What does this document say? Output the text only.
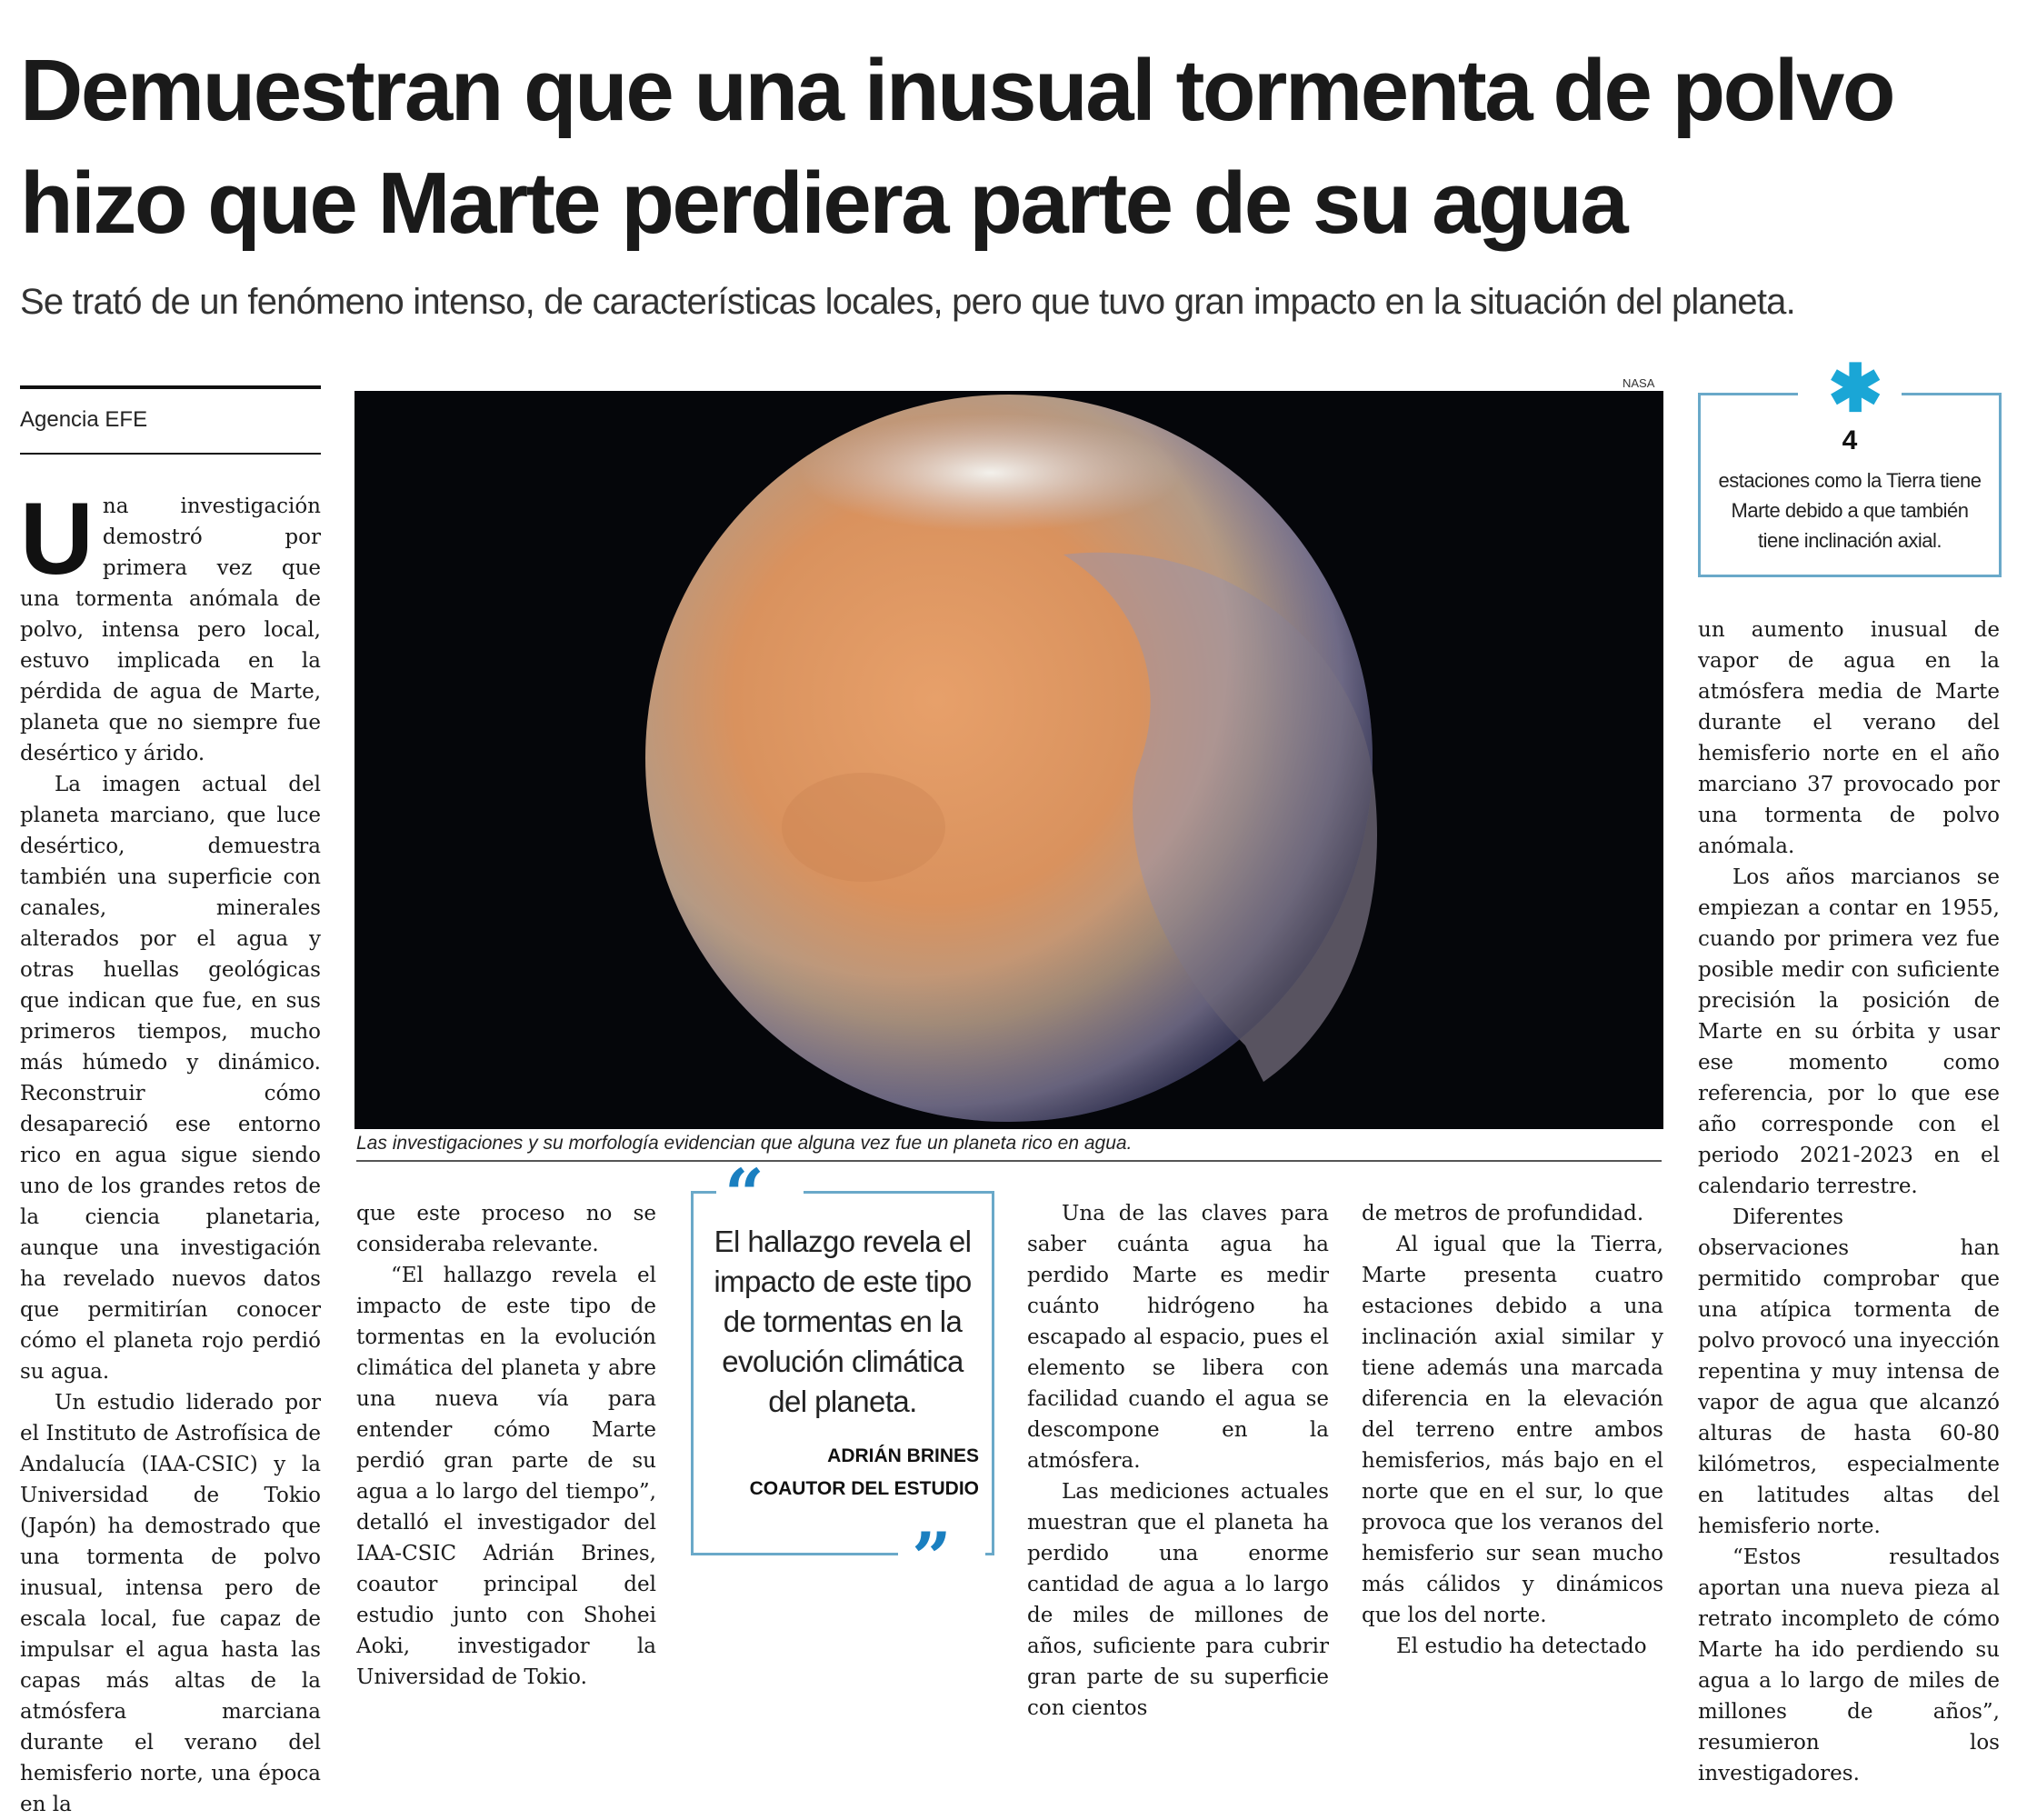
Demuestran que una inusual tormenta de polvo hizo que Marte perdiera parte de su agua

Se trató de un fenómeno intenso, de características locales, pero que tuvo gran impacto en la situación del planeta.

Agencia EFE

Una investigación demostró por primera vez que una tormenta anómala de polvo, intensa pero local, estuvo implicada en la pérdida de agua de Marte, planeta que no siempre fue desértico y árido.

La imagen actual del planeta marciano, que luce desértico, demuestra también una superficie con canales, minerales alterados por el agua y otras huellas geológicas que indican que fue, en sus primeros tiempos, mucho más húmedo y dinámico. Reconstruir cómo desapareció ese entorno rico en agua sigue siendo uno de los grandes retos de la ciencia planetaria, aunque una investigación ha revelado nuevos datos que permitirían conocer cómo el planeta rojo perdió su agua.

Un estudio liderado por el Instituto de Astrofísica de Andalucía (IAA-CSIC) y la Universidad de Tokio (Japón) ha demostrado que una tormenta de polvo inusual, intensa pero de escala local, fue capaz de impulsar el agua hasta las capas más altas de la atmósfera marciana durante el verano del hemisferio norte, una época en la

NASA
Las investigaciones y su morfología evidencian que alguna vez fue un planeta rico en agua.
✱
4
estaciones como la Tierra tiene Marte debido a que también tiene inclinación axial.

que este proceso no se consideraba relevante.

“El hallazgo revela el impacto de este tipo de tormentas en la evolución climática del planeta y abre una nueva vía para entender cómo Marte perdió gran parte de su agua a lo largo del tiempo”, detalló el investigador del IAA-CSIC Adrián Brines, coautor principal del estudio junto con Shohei Aoki, investigador la Universidad de Tokio.

“
El hallazgo revela el impacto de este tipo de tormentas en la evolución climática del planeta.
ADRIÁN BRINES
COAUTOR DEL ESTUDIO
”

Una de las claves para saber cuánta agua ha perdido Marte es medir cuánto hidrógeno ha escapado al espacio, pues el elemento se libera con facilidad cuando el agua se descompone en la atmósfera.

Las mediciones actuales muestran que el planeta ha perdido una enorme cantidad de agua a lo largo de miles de millones de años, suficiente para cubrir gran parte de su superficie con cientos

de metros de profundidad.

Al igual que la Tierra, Marte presenta cuatro estaciones debido a una inclinación axial similar y tiene además una marcada diferencia en la elevación del terreno entre ambos hemisferios, más bajo en el norte que en el sur, lo que provoca que los veranos del hemisferio sur sean mucho más cálidos y dinámicos que los del norte.

El estudio ha detectado

un aumento inusual de vapor de agua en la atmósfera media de Marte durante el verano del hemisferio norte en el año marciano 37 provocado por una tormenta de polvo anómala.

Los años marcianos se empiezan a contar en 1955, cuando por primera vez fue posible medir con suficiente precisión la posición de Marte en su órbita y usar ese momento como referencia, por lo que ese año corresponde con el periodo 2021-2023 en el calendario terrestre.

Diferentes observaciones han permitido comprobar que una atípica tormenta de polvo provocó una inyección repentina y muy intensa de vapor de agua que alcanzó alturas de hasta 60-80 kilómetros, especialmente en latitudes altas del hemisferio norte.

“Estos resultados aportan una nueva pieza al retrato incompleto de cómo Marte ha ido perdiendo su agua a lo largo de miles de millones de años”, resumieron los investigadores.
